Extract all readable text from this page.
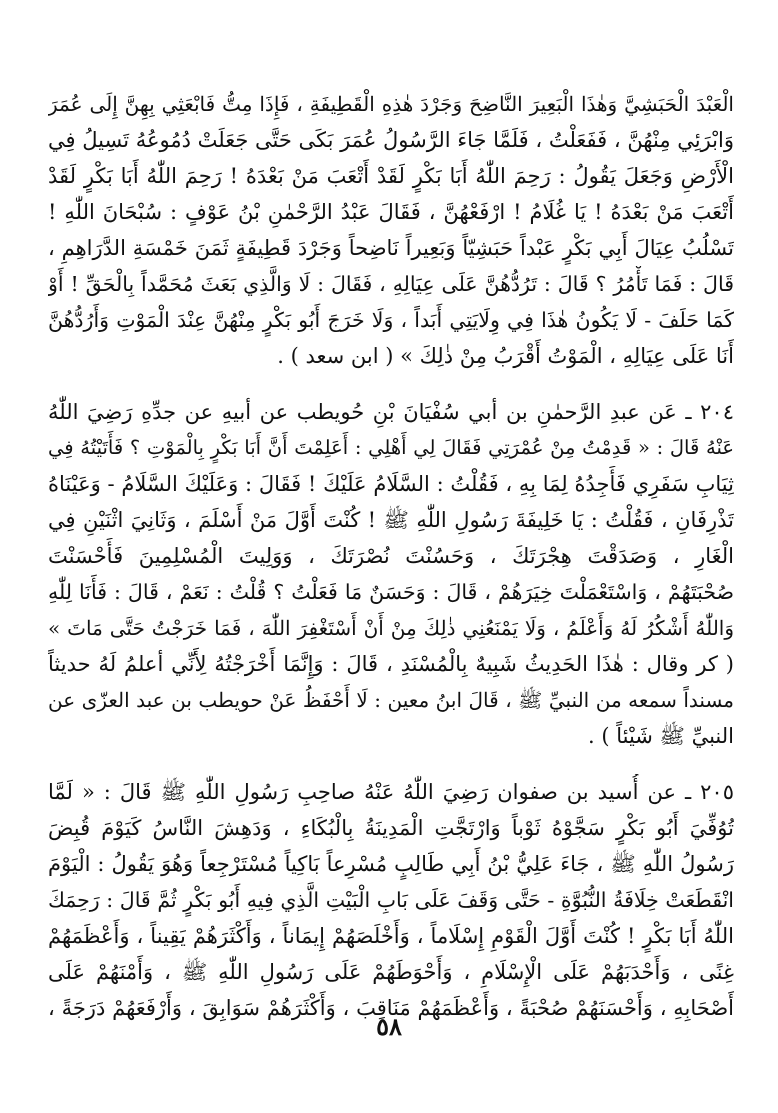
الْعَبْدَ الْحَبَشِيَّ وَهٰذَا الْبَعِيرَ النَّاضِحَ وَجَرْدَ هٰذِهِ الْقَطِيفَةِ ، فَإِذَا مِتُّ فَابْعَثِي بِهِنَّ إِلَى عُمَرَ
وَابْرَئِي مِنْهُنَّ ، فَفَعَلْتُ ، فَلَمَّا جَاءَ الرَّسُولُ عُمَرَ بَكَى حَتَّى جَعَلَتْ دُمُوعُهُ تَسِيلُ فِي
الْأَرْضِ وَجَعَلَ يَقُولُ : رَحِمَ اللّٰهُ أَبَا بَكْرٍ لَقَدْ أَتْعَبَ مَنْ بَعْدَهُ ! رَحِمَ اللّٰهُ أَبَا بَكْرٍ لَقَدْ
أَتْعَبَ مَنْ بَعْدَهُ ! يَا غُلَامُ ! ارْفَعْهُنَّ ، فَقَالَ عَبْدُ الرَّحْمٰنِ بْنُ عَوْفٍ : سُبْحَانَ اللّٰهِ !
تَسْلُبُ عِيَالَ أَبِي بَكْرٍ عَبْداً حَبَشِيّاً وَبَعِيراً نَاضِحاً وَجَرْدَ قَطِيفَةٍ ثَمَنَ خَمْسَةِ الدَّرَاهِمِ ،
قَالَ : فَمَا تَأْمُرُ ؟ قَالَ : تَرُدُّهُنَّ عَلَى عِيَالِهِ ، فَقَالَ : لَا وَالَّذِي بَعَثَ مُحَمَّداً بِالْحَقِّ ! أَوْ
كَمَا حَلَفَ - لَا يَكُونُ هٰذَا فِي وِلَايَتِي أَبَداً ، وَلَا خَرَجَ أَبُو بَكْرٍ مِنْهُنَّ عِنْدَ الْمَوْتِ وَأَرُدُّهُنَّ
أَنَا عَلَى عِيَالِهِ ، الْمَوْتُ أَقْرَبُ مِنْ ذٰلِكَ » ( ابن سعد ) .
٢٠٤ ـ عَن عبدِ الرَّحمٰنِ بن أبي سُفْيَانَ بْنِ حُويطب عن أبيهِ عن جدِّهِ رَضِيَ اللّٰهُ
عَنْهُ قَالَ : « قَدِمْتُ مِنْ عُمْرَتِي فَقَالَ لِي أَهْلِي : أَعَلِمْتَ أَنَّ أَبَا بَكْرٍ بِالْمَوْتِ ؟ فَأَتَيْتُهُ فِي
ثِيَابِ سَفَرِي فَأَجِدُهُ لِمَا بِهِ ، فَقُلْتُ : السَّلَامُ عَلَيْكَ ! فَقَالَ : وَعَلَيْكَ السَّلَامُ - وَعَيْنَاهُ
تَذْرِفَانِ ، فَقُلْتُ : يَا خَلِيفَةَ رَسُولِ اللّٰهِ ﷺ ! كُنْتَ أَوَّلَ مَنْ أَسْلَمَ ، وَثَانِيَ اثْنَيْنِ فِي
الْغَارِ ، وَصَدَقْتَ هِجْرَتَكَ ، وَحَسُنْتَ نُصْرَتَكَ ، وَوَلِيتَ الْمُسْلِمِينَ فَأَحْسَنْتَ
صُحْبَتَهُمْ ، وَاسْتَعْمَلْتَ خِيَرَهُمْ ، قَالَ : وَحَسَنٌ مَا فَعَلْتُ ؟ قُلْتُ : نَعَمْ ، قَالَ : فَأَنَا لِلّٰهِ
وَاللّٰهُ أَشْكُرُ لَهُ وَأَعْلَمُ ، وَلَا يَمْنَعُنِي ذٰلِكَ مِنْ أَنْ أَسْتَغْفِرَ اللّٰهَ ، فَمَا خَرَجْتُ حَتَّى مَاتَ »
( كر وقال : هٰذَا الحَدِيثُ شَبِيهٌ بِالْمُسْنَدِ ، قَالَ : وَإِنَّمَا أَخْرَجْتُهُ لِأَنِّي أعلمُ لَهُ حديثاً
مسنداً سمعه من النبيِّ ﷺ ، قَالَ ابنُ معين : لَا أَحْفَظُ عَنْ حويطب بن عبد العزّى عن
النبيِّ ﷺ شَيْئاً ) .
٢٠٥ ـ عن أُسيد بن صفوان رَضِيَ اللّٰهُ عَنْهُ صاحِبِ رَسُولِ اللّٰهِ ﷺ قَالَ : « لَمَّا
تُوُفِّيَ أَبُو بَكْرٍ سَجَّوْهُ ثَوْباً وَارْتَجَّتِ الْمَدِينَةُ بِالْبُكَاءِ ، وَدَهِشَ النَّاسُ كَيَوْمَ قُبِضَ
رَسُولُ اللّٰهِ ﷺ ، جَاءَ عَلِيُّ بْنُ أَبِي طَالِبٍ مُسْرِعاً بَاكِياً مُسْتَرْجِعاً وَهُوَ يَقُولُ : الْيَوْمَ
انْقَطَعَتْ خِلَافَةُ النُّبُوَّةِ - حَتَّى وَقَفَ عَلَى بَابِ الْبَيْتِ الَّذِي فِيهِ أَبُو بَكْرٍ ثُمَّ قَالَ : رَحِمَكَ
اللّٰهُ أَبَا بَكْرٍ ! كُنْتَ أَوَّلَ الْقَوْمِ إِسْلَاماً ، وَأَخْلَصَهُمْ إِيمَاناً ، وَأَكْثَرَهُمْ يَقِيناً ، وَأَعْظَمَهُمْ
غِنًى ، وَأَحْدَبَهُمْ عَلَى الْإِسْلَامِ ، وَأَحْوَطَهُمْ عَلَى رَسُولِ اللّٰهِ ﷺ ، وَأَمْنَهُمْ عَلَى
أَصْحَابِهِ ، وَأَحْسَنَهُمْ صُحْبَةً ، وَأَعْظَمَهُمْ مَنَاقِبَ ، وَأَكْثَرَهُمْ سَوَابِقَ ، وَأَرْفَعَهُمْ دَرَجَةً ،
٥٨
